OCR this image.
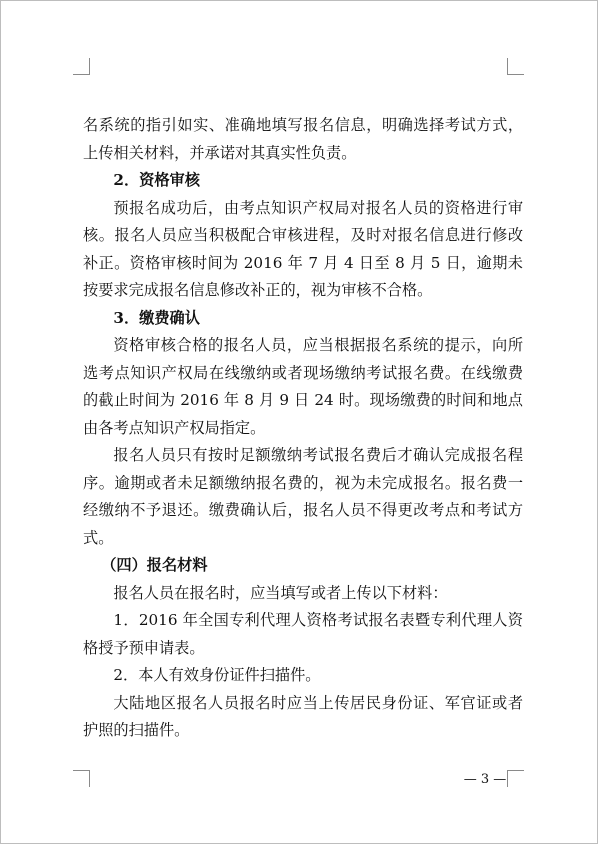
名系统的指引如实、准确地填写报名信息，明确选择考试方式，上传相关材料，并承诺对其真实性负责。

2．资格审核

预报名成功后，由考点知识产权局对报名人员的资格进行审核。报名人员应当积极配合审核进程，及时对报名信息进行修改补正。资格审核时间为 2016 年 7 月 4 日至 8 月 5 日，逾期未按要求完成报名信息修改补正的，视为审核不合格。

3．缴费确认

资格审核合格的报名人员，应当根据报名系统的提示，向所选考点知识产权局在线缴纳或者现场缴纳考试报名费。在线缴费的截止时间为 2016 年 8 月 9 日 24 时。现场缴费的时间和地点由各考点知识产权局指定。

报名人员只有按时足额缴纳考试报名费后才确认完成报名程序。逾期或者未足额缴纳报名费的，视为未完成报名。报名费一经缴纳不予退还。缴费确认后，报名人员不得更改考点和考试方式。

（四）报名材料

报名人员在报名时，应当填写或者上传以下材料：

1．2016 年全国专利代理人资格考试报名表暨专利代理人资格授予预申请表。

2．本人有效身份证件扫描件。

大陆地区报名人员报名时应当上传居民身份证、军官证或者护照的扫描件。

— 3 —
